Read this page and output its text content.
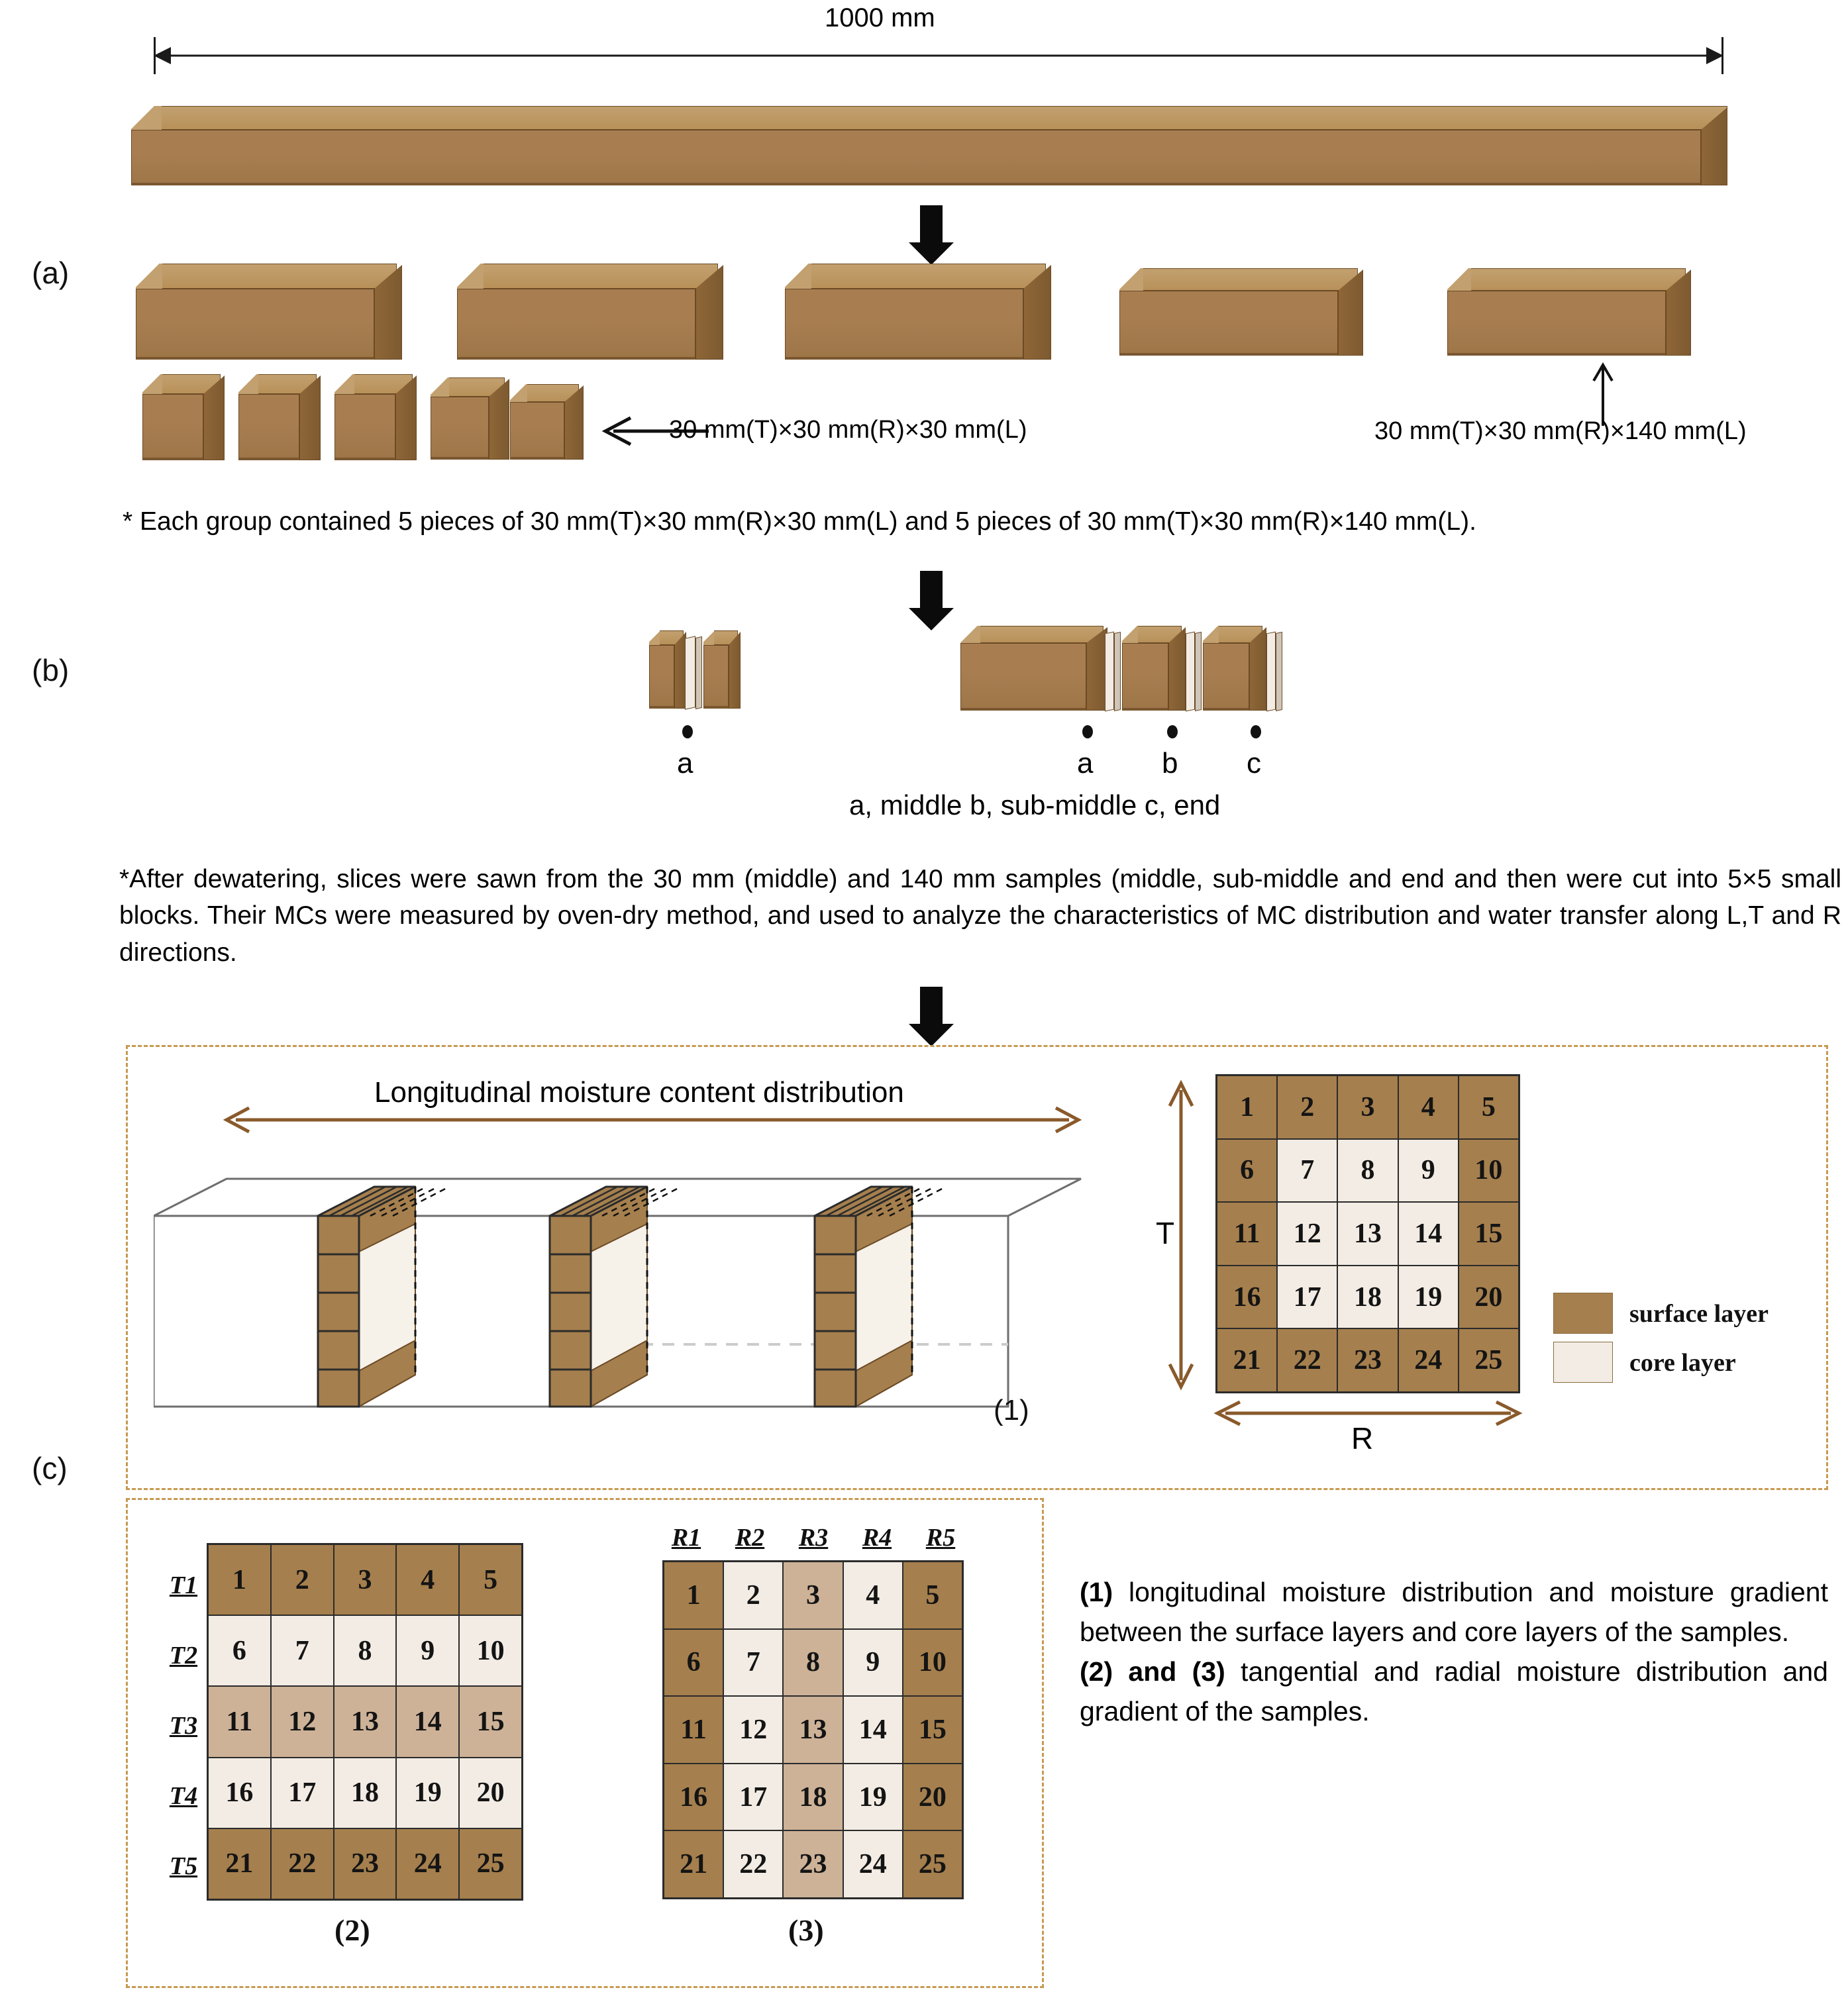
(a)
1000 mm
30 mm(T)×30 mm(R)×140 mm(L)
30 mm(T)×30 mm(R)×30 mm(L)
* Each group contained 5 pieces of 30 mm(T)×30 mm(R)×30 mm(L) and 5 pieces of 30 mm(T)×30 mm(R)×140 mm(L).
(b)
a	a b c
a, middle b, sub-middle c, end
*After dewatering, slices were sawn from the 30 mm (middle) and 140 mm samples (middle, sub-middle and end and then were cut into 5×5 small blocks. Their MCs were measured by oven-dry method, and used to analyze the characteristics of MC distribution and water transfer along L,T and R directions.
(c)
Longitudinal moisture content distribution
(1)
T
1	2	3	4	5
6	7	8	9	10
11	12	13	14	15
16	17	18	19	20
21	22	23	24	25
R
surface layer
core layer
T1
T2
T3
T4
T5
1	2	3	4	5
6	7	8	9	10
11	12	13	14	15
16	17	18	19	20
21	22	23	24	25
(2)
R1	R2	R3	R4	R5
1	2	3	4	5
6	7	8	9	10
11	12	13	14	15
16	17	18	19	20
21	22	23	24	25
(3)
(1) longitudinal moisture distribution and moisture gradient between the surface layers and core layers of the samples.
(2) and (3) tangential and radial moisture distribution and gradient of the samples.
